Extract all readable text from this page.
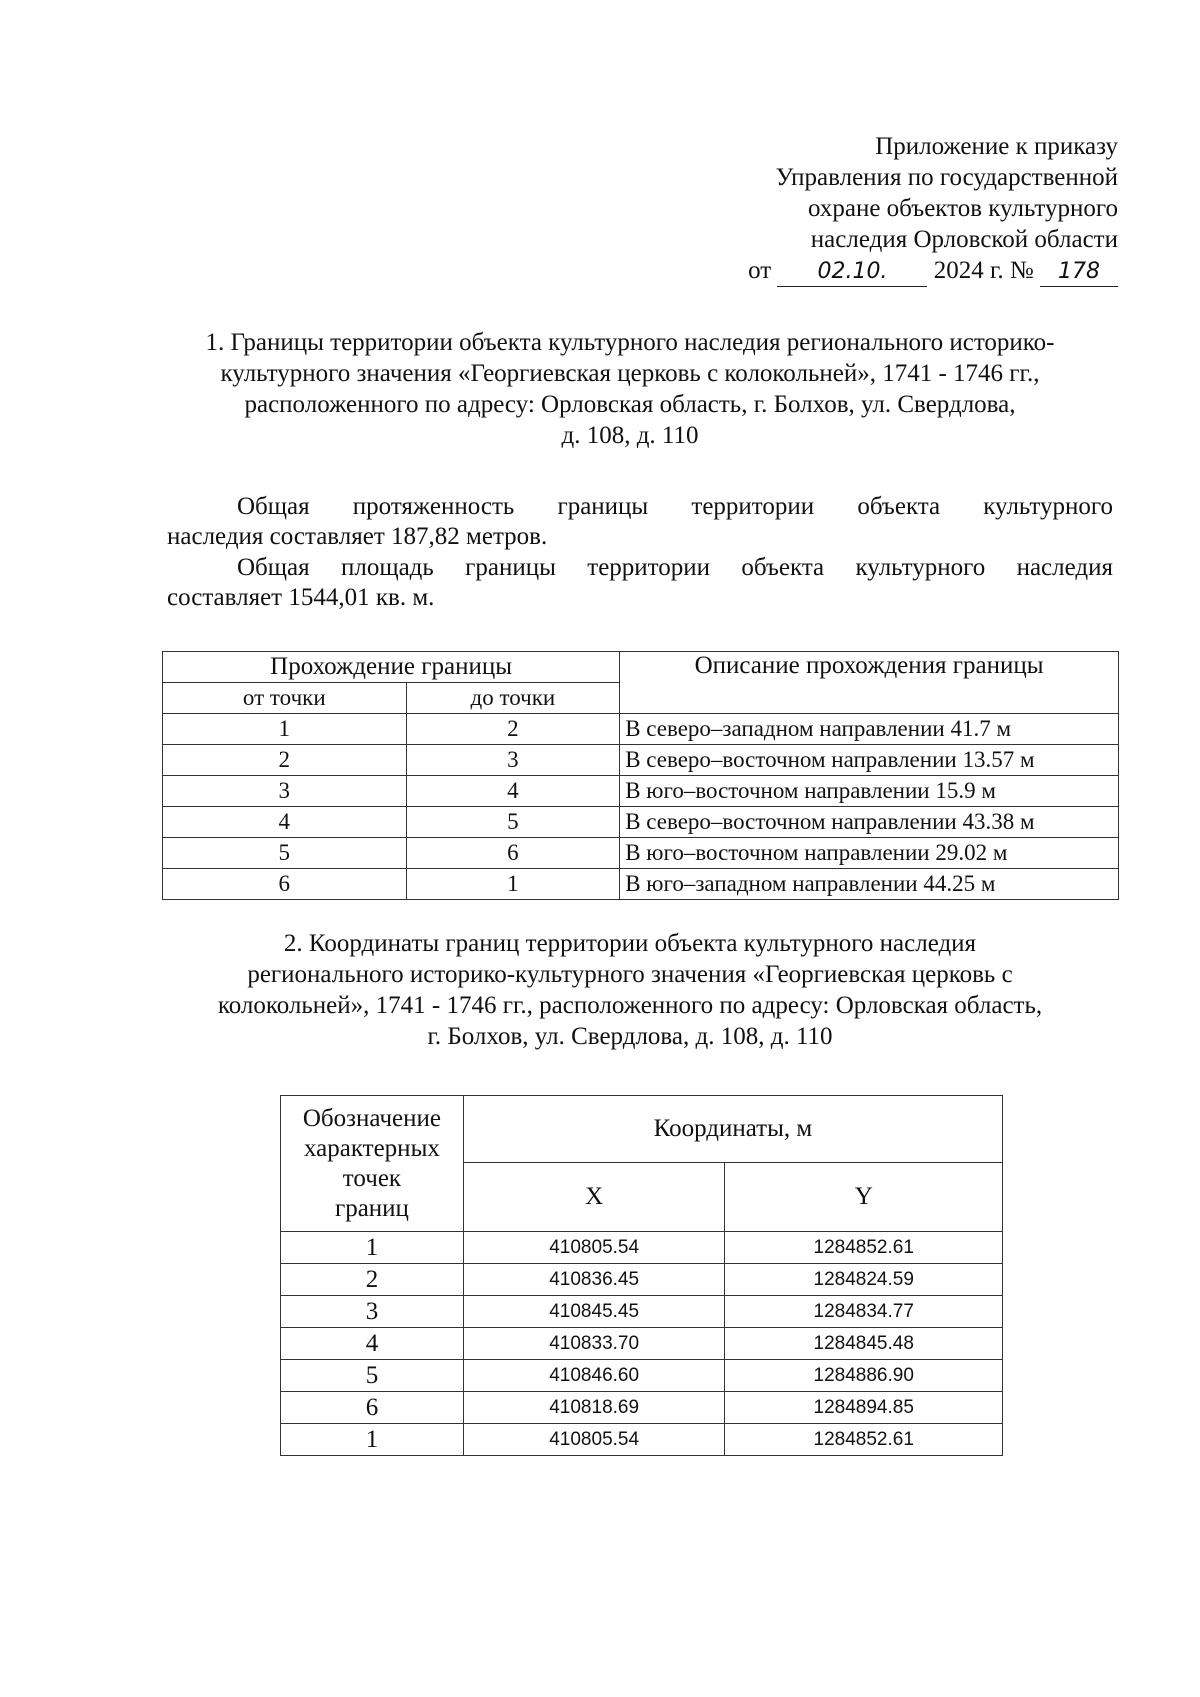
Приложение к приказу
Управления по государственной
охране объектов культурного
наследия Орловской области
от 02.10. 2024 г. № 178
1. Границы территории объекта культурного наследия регионального историко-
культурного значения «Георгиевская церковь с колокольней», 1741 - 1746 гг.,
расположенного по адресу: Орловская область, г. Болхов, ул. Свердлова,
д. 108, д. 110
Общая протяженность границы территории объекта культурного
наследия составляет 187,82 метров.
Общая площадь границы территории объекта культурного наследия
составляет 1544,01 кв. м.
Прохождение границы		Описание прохождения границы
от точки	до точки	
1	2	В северо–западном направлении 41.7 м
2	3	В северо–восточном направлении 13.57 м
3	4	В юго–восточном направлении 15.9 м
4	5	В северо–восточном направлении 43.38 м
5	6	В юго–восточном направлении 29.02 м
6	1	В юго–западном направлении 44.25 м
2. Координаты границ территории объекта культурного наследия
регионального историко-культурного значения «Георгиевская церковь с
колокольней», 1741 - 1746 гг., расположенного по адресу: Орловская область,
г. Болхов, ул. Свердлова, д. 108, д. 110
Обозначение
характерных
точек
границ	Координаты, м	
	X	Y
1	410805.54	1284852.61
2	410836.45	1284824.59
3	410845.45	1284834.77
4	410833.70	1284845.48
5	410846.60	1284886.90
6	410818.69	1284894.85
1	410805.54	1284852.61
